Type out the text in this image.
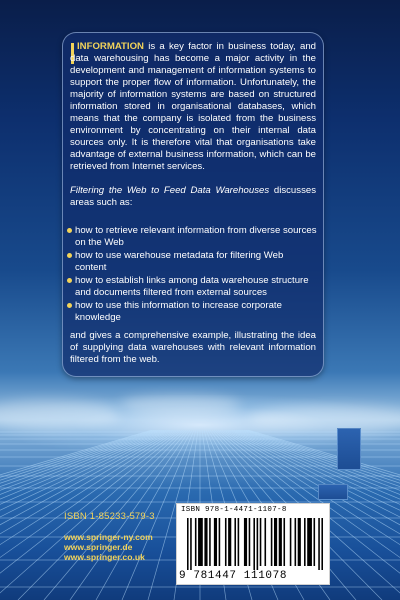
INFORMATION is a key factor in business today, and data warehousing has become a major activity in the development and management of information systems to support the proper flow of information. Unfortunately, the majority of information systems are based on structured information stored in organisational databases, which means that the company is isolated from the business environment by concentrating on their internal data sources only. It is therefore vital that organisations take advantage of external business information, which can be retrieved from Internet services.
Filtering the Web to Feed Data Warehouses discusses areas such as:
how to retrieve relevant information from diverse sources on the Web
how to use warehouse metadata for filtering Web content
how to establish links among data warehouse structure and documents filtered from external sources
how to use this information to increase corporate knowledge
and gives a comprehensive example, illustrating the idea of supplying data warehouses with relevant information filtered from the web.
ISBN 1-85233-579-3
www.springer-ny.com
www.springer.de
www.springer.co.uk
ISBN 978-1-4471-1107-8
9 781447 111078
